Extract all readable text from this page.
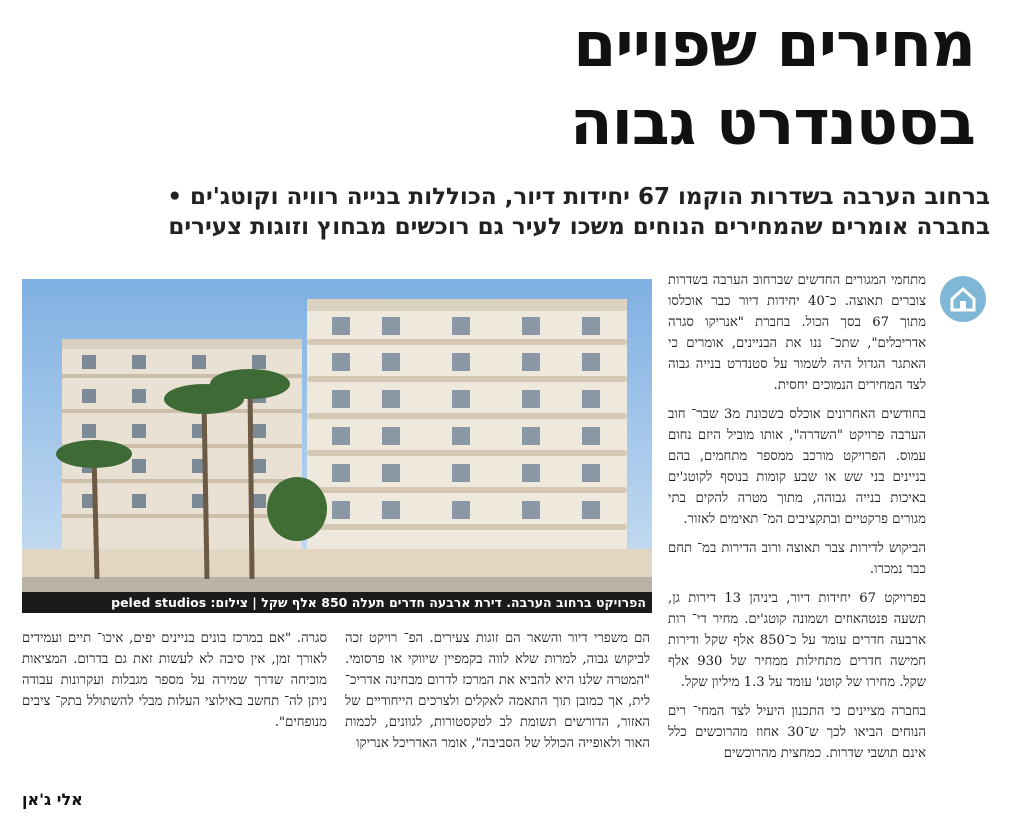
מחירים שפויים
בסטנדרט גבוה
ברחוב הערבה בשדרות הוקמו 67 יחידות דיור, הכוללות בנייה רוויה וקוטג'ים •
בחברה אומרים שהמחירים הנוחים משכו לעיר גם רוכשים מבחוץ וזוגות צעירים
הפרויקט ברחוב הערבה. דירת ארבעה חדרים תעלה 850 אלף שקל | צילום: peled studios

מתחמי המגורים החדשים שברחוב הערבה בשדרות צוברים תאוצה. כ־40 יחידות דיור כבר אוכלסו מתוך 67 בסך הכול. בחברת "אנריקו סגרה אדריכלים", שתכ־ ננו את הבניינים, אומרים כי האתגר הגדול היה לשמור על סטנדרט בנייה גבוה לצד המחירים הנמוכים יחסית.

בחודשים האחרונים אוכלס בשכונת מ3 שבר־ חוב הערבה פרויקט "השדרה", אותו מוביל היזם נחום עמוס. הפרויקט מורכב ממספר מתחמים, בהם בניינים בני שש או שבע קומות בנוסף לקוטג'ים באיכות בנייה גבוהה, מתוך מטרה להקים בתי מגורים פרקטיים ובתקציבים המ־ תאימים לאזור.

הביקוש לדירות צבר תאוצה ורוב הדירות במ־ תחם כבר נמכרו.

בפרויקט 67 יחידות דיור, ביניהן 13 דירות גן, תשעה פנטהאוזים ושמונה קוטג'ים. מחיר די־ רות ארבעה חדרים עומד על כ־850 אלף שקל ודירות חמישה חדרים מתחילות ממחיר של 930 אלף שקל. מחירו של קוטג' עומד על 1.3 מיליון שקל.

בחברה מציינים כי התכנון היעיל לצד המחי־ רים הנוחים הביאו לכך ש־30 אחוז מהרוכשים כלל אינם תושבי שדרות. כמחצית מהרוכשים

הם משפרי דיור והשאר הם זוגות צעירים. הפ־ רויקט זכה לביקוש גבוה, למרות שלא לווה בקמפיין שיווקי או פרסומי. "המטרה שלנו היא להביא את המרכז לדרום מבחינה אדריכ־ לית, אך כמובן תוך התאמה לאקלים ולצרכים הייחודיים של האזור, הדורשים תשומת לב לטקסטורות, לגוונים, לכמות האור ולאופייה הכולל של הסביבה", אומר האדריכל אנריקו

סגרה. "אם במרכז בונים בניינים יפים, איכו־ תיים ועמידים לאורך זמן, אין סיבה לא לעשות זאת גם בדרום. המציאות מוכיחה שדרך שמירה על מספר מגבלות ועקרונות עבודה ניתן לה־ תחשב באילוצי העלות מבלי להשתולל בתק־ ציבים מנופחים".

אלי ג'אן
